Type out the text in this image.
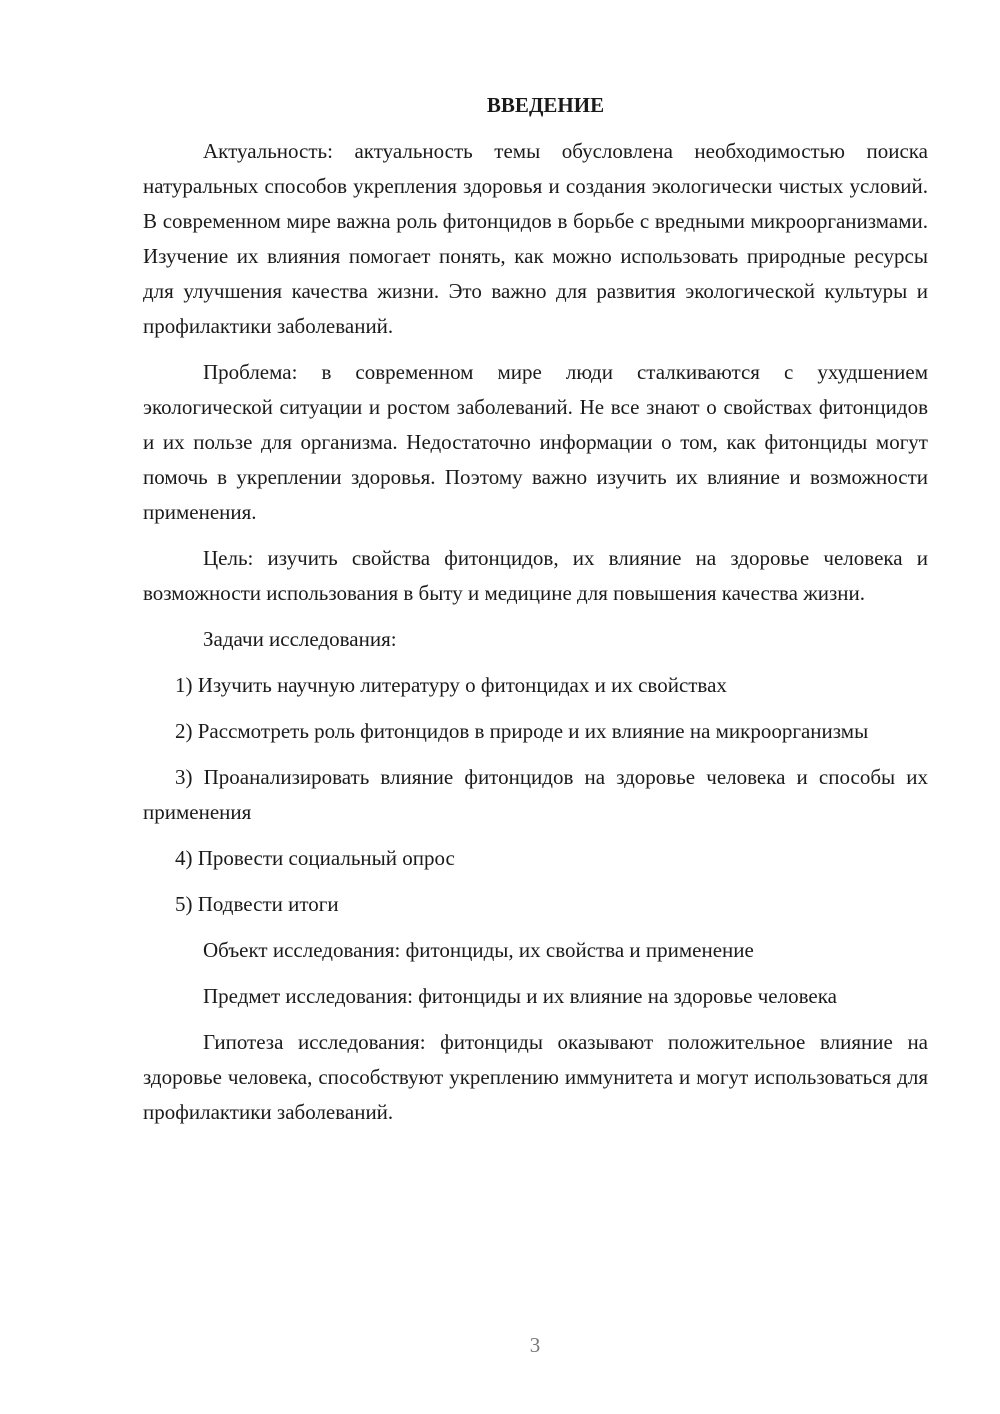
ВВЕДЕНИЕ

Актуальность: актуальность темы обусловлена необходимостью поиска натуральных способов укрепления здоровья и создания экологически чистых условий. В современном мире важна роль фитонцидов в борьбе с вредными микроорганизмами. Изучение их влияния помогает понять, как можно использовать природные ресурсы для улучшения качества жизни. Это важно для развития экологической культуры и профилактики заболеваний.

Проблема: в современном мире люди сталкиваются с ухудшением экологической ситуации и ростом заболеваний. Не все знают о свойствах фитонцидов и их пользе для организма. Недостаточно информации о том, как фитонциды могут помочь в укреплении здоровья. Поэтому важно изучить их влияние и возможности применения.

Цель: изучить свойства фитонцидов, их влияние на здоровье человека и возможности использования в быту и медицине для повышения качества жизни.

Задачи исследования:

1) Изучить научную литературу о фитонцидах и их свойствах

2) Рассмотреть роль фитонцидов в природе и их влияние на микроорганизмы

3) Проанализировать влияние фитонцидов на здоровье человека и способы их применения

4) Провести социальный опрос

5) Подвести итоги

Объект исследования: фитонциды, их свойства и применение

Предмет исследования: фитонциды и их влияние на здоровье человека

Гипотеза исследования: фитонциды оказывают положительное влияние на здоровье человека, способствуют укреплению иммунитета и могут использоваться для профилактики заболеваний.

3
